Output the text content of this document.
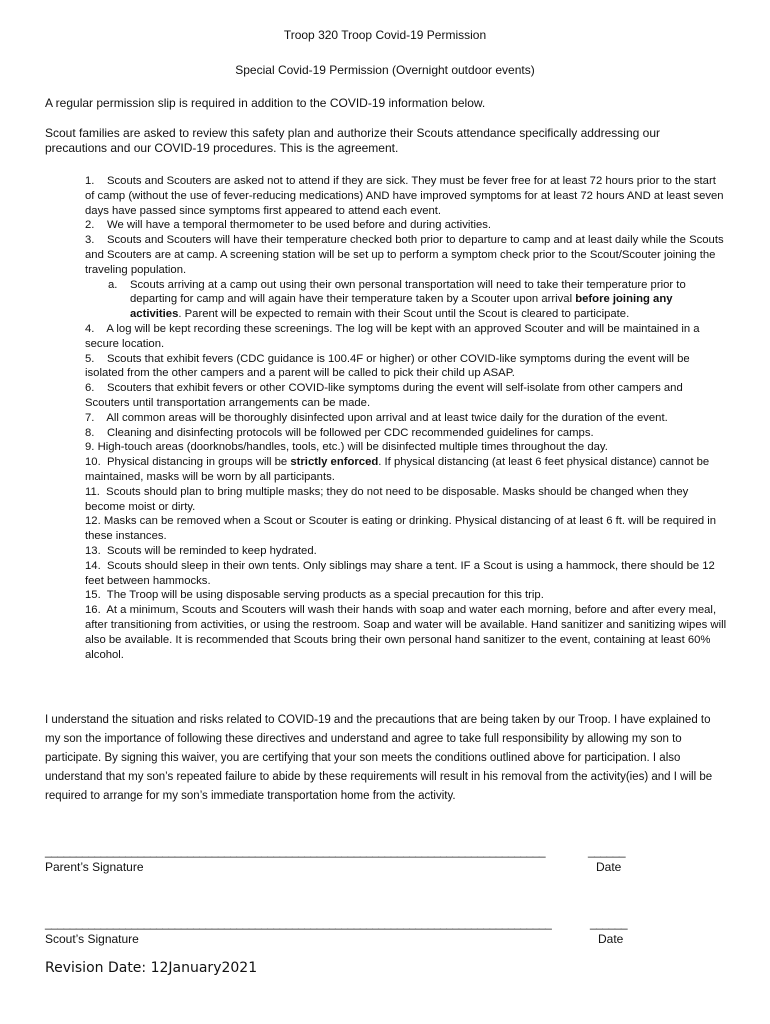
Troop 320 Troop Covid-19 Permission
Special Covid-19 Permission (Overnight outdoor events)
A regular permission slip is required in addition to the COVID-19 information below.
Scout families are asked to review this safety plan and authorize their Scouts attendance specifically addressing our precautions and our COVID-19 procedures. This is the agreement.

1. Scouts and Scouters are asked not to attend if they are sick. They must be fever free for at least 72 hours prior to the start of camp (without the use of fever-reducing medications) AND have improved symptoms for at least 72 hours AND at least seven days have passed since symptoms first appeared to attend each event.

2. We will have a temporal thermometer to be used before and during activities.

3. Scouts and Scouters will have their temperature checked both prior to departure to camp and at least daily while the Scouts and Scouters are at camp. A screening station will be set up to perform a symptom check prior to the Scout/Scouter joining the traveling population.

a. Scouts arriving at a camp out using their own personal transportation will need to take their temperature prior to departing for camp and will again have their temperature taken by a Scouter upon arrival before joining any activities. Parent will be expected to remain with their Scout until the Scout is cleared to participate.

4. A log will be kept recording these screenings. The log will be kept with an approved Scouter and will be maintained in a secure location.

5. Scouts that exhibit fevers (CDC guidance is 100.4F or higher) or other COVID-like symptoms during the event will be isolated from the other campers and a parent will be called to pick their child up ASAP.

6. Scouters that exhibit fevers or other COVID-like symptoms during the event will self-isolate from other campers and Scouters until transportation arrangements can be made.

7. All common areas will be thoroughly disinfected upon arrival and at least twice daily for the duration of the event.

8. Cleaning and disinfecting protocols will be followed per CDC recommended guidelines for camps.

9. High-touch areas (doorknobs/handles, tools, etc.) will be disinfected multiple times throughout the day.

10. Physical distancing in groups will be strictly enforced. If physical distancing (at least 6 feet physical distance) cannot be maintained, masks will be worn by all participants.

11. Scouts should plan to bring multiple masks; they do not need to be disposable. Masks should be changed when they become moist or dirty.

12. Masks can be removed when a Scout or Scouter is eating or drinking. Physical distancing of at least 6 ft. will be required in these instances.

13. Scouts will be reminded to keep hydrated.

14. Scouts should sleep in their own tents. Only siblings may share a tent. IF a Scout is using a hammock, there should be 12 feet between hammocks.

15. The Troop will be using disposable serving products as a special precaution for this trip.

16. At a minimum, Scouts and Scouters will wash their hands with soap and water each morning, before and after every meal, after transitioning from activities, or using the restroom. Soap and water will be available. Hand sanitizer and sanitizing wipes will also be available. It is recommended that Scouts bring their own personal hand sanitizer to the event, containing at least 60% alcohol.

I understand the situation and risks related to COVID-19 and the precautions that are being taken by our Troop. I have explained to my son the importance of following these directives and understand and agree to take full responsibility by allowing my son to participate. By signing this waiver, you are certifying that your son meets the conditions outlined above for participation. I also understand that my son’s repeated failure to abide by these requirements will result in his removal from the activity(ies) and I will be required to arrange for my son’s immediate transportation home from the activity.
_________________________________________________________________________________	______
Parent’s Signature	Date
__________________________________________________________________________________	______
Scout’s Signature	Date
Revision Date: 12January2021
